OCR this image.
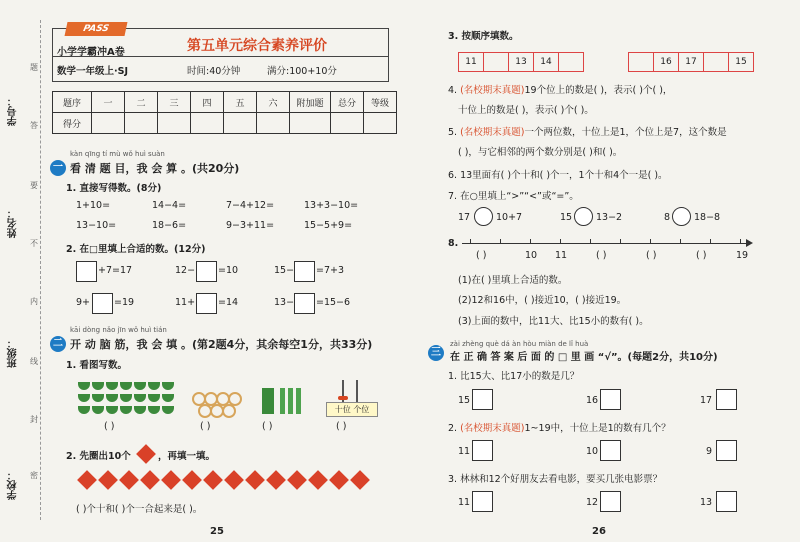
学号：
姓名：
班级：
学校：
题
答
要
不
内
线
封
密
小学学霸冲A卷	第五单元综合素养评价
数学一年级上·SJ	时间:40分钟	满分:100+10分
PASS
题序	一	二	三	四	五	六	附加题	总分	等级
得分									
kàn qīng tí mù wǒ huì suàn
一 看 清 题 目，我 会 算 。(共20分)
1. 直接写得数。(8分)
1+10=	14−4=	7−4+12=	13+3−10=
13−10=	18−6=	9−3+11=	15−5+9=
2. 在□里填上合适的数。(12分)
+7=17	12− =10	15− =7+3
9+	=19	11+ =14	13− =15−6
kāi dòng nǎo jīn wǒ huì tián
二 开 动 脑 筋，我 会 填 。(第2题4分，其余每空1分，共33分)
1. 看图写数。
十位 个位
( )	( )	( )	( )
2. 先圈出10个	，再填一填。
( )个十和( )个一合起来是( )。
25
3. 按顺序填数。
11		13	14	
		16	17		15
4. (名校期末真题)19个位上的数是( )，表示( )个( )，
十位上的数是( )，表示( )个( )。
5. (名校期末真题)一个两位数，十位上是1，个位上是7，这个数是
( )，与它相邻的两个数分别是( )和( )。
6. 13里面有( )个十和( )个一，1个十和4个一是( )。
7. 在○里填上“>”“<”或“=”。
17	10+7	15	13−2	8	18−8
8.
( )	10 11	( )	( )	( )	19
(1)在( )里填上合适的数。
(2)12和16中，( )接近10，( )接近19。
(3)上面的数中，比11大、比15小的数有( )。
zài zhèng què dá àn hòu miàn de lǐ huà
三 在 正 确 答 案 后 面 的 □ 里 画 “√”。(每题2分，共10分)
1. 比15大、比17小的数是几？
15	16	17
2. (名校期末真题)1~19中，十位上是1的数有几个？
11	10	9
3. 林林和12个好朋友去看电影，要买几张电影票？
11	12	13
26
